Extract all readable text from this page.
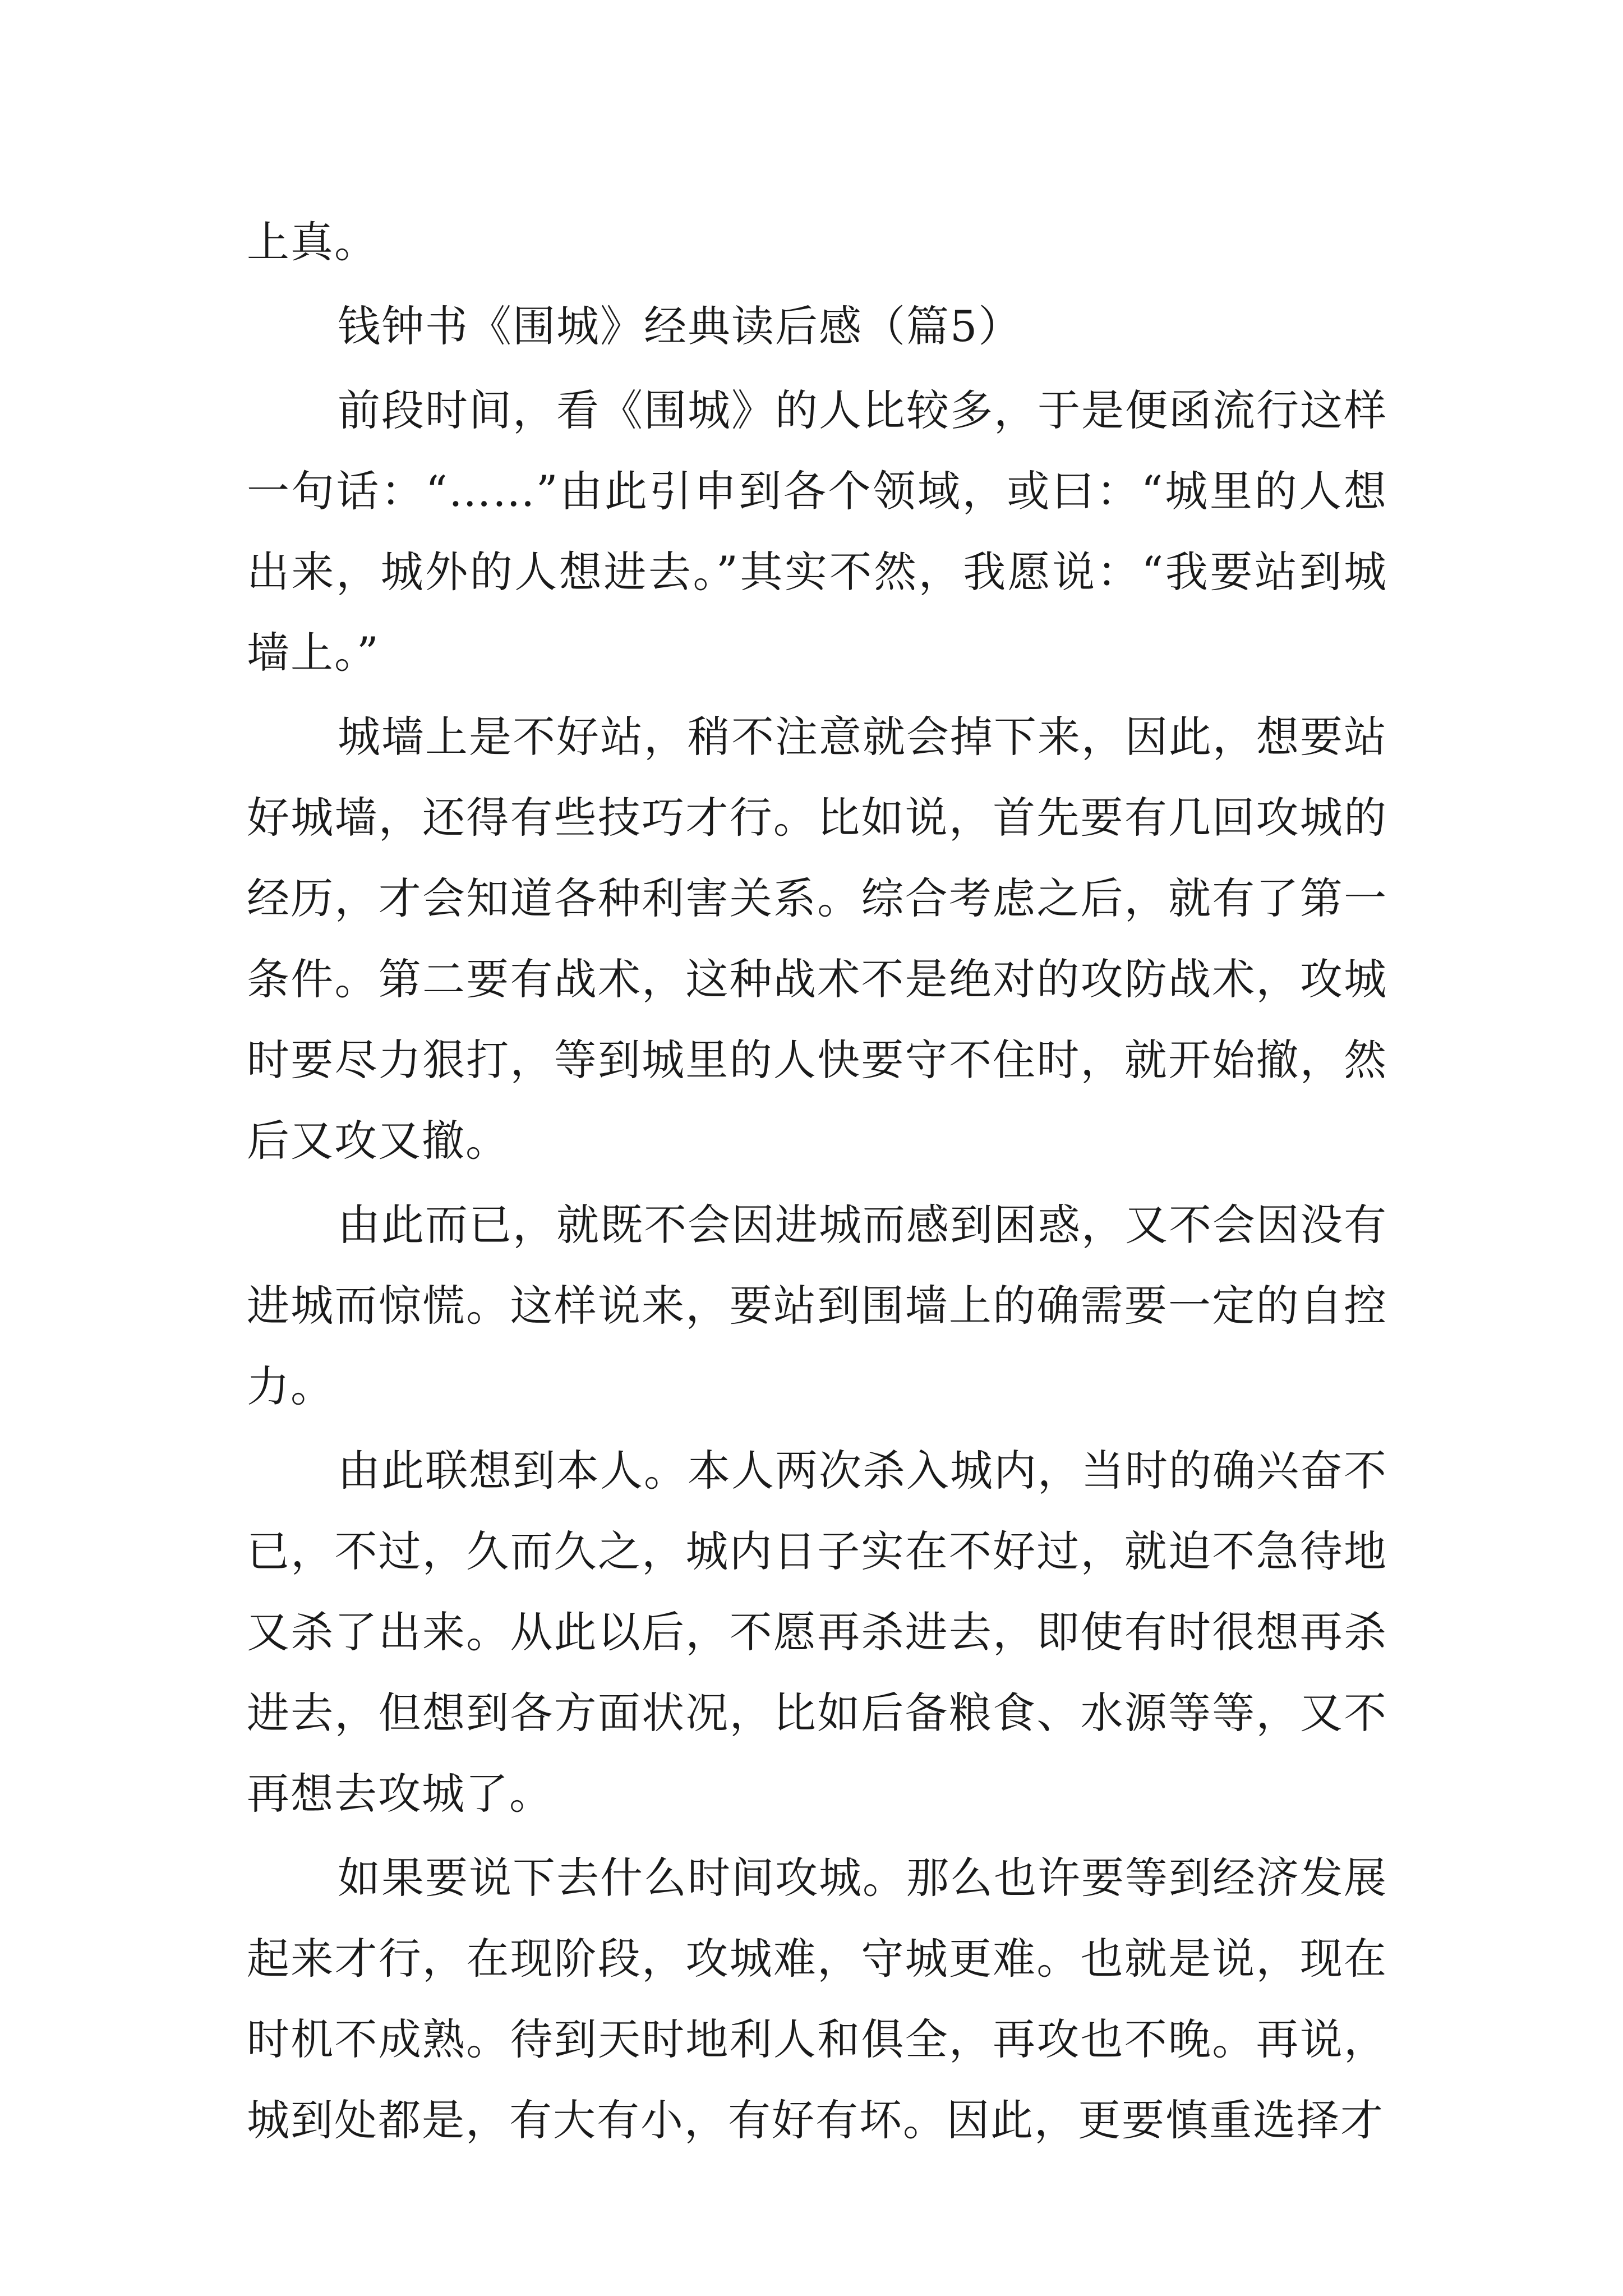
上真。

钱钟书《围城》经典读后感（篇5）

前段时间，看《围城》的人比较多，于是便函流行这样一句话：“……”由此引申到各个领域，或曰：“城里的人想出来，城外的人想进去。”其实不然，我愿说：“我要站到城墙上。”

城墙上是不好站，稍不注意就会掉下来，因此，想要站好城墙，还得有些技巧才行。比如说，首先要有几回攻城的经历，才会知道各种利害关系。综合考虑之后，就有了第一条件。第二要有战术，这种战术不是绝对的攻防战术，攻城时要尽力狠打，等到城里的人快要守不住时，就开始撤，然后又攻又撤。

由此而已，就既不会因进城而感到困惑，又不会因没有进城而惊慌。这样说来，要站到围墙上的确需要一定的自控力。

由此联想到本人。本人两次杀入城内，当时的确兴奋不已，不过，久而久之，城内日子实在不好过，就迫不急待地又杀了出来。从此以后，不愿再杀进去，即使有时很想再杀进去，但想到各方面状况，比如后备粮食、水源等等，又不再想去攻城了。

如果要说下去什么时间攻城。那么也许要等到经济发展起来才行，在现阶段，攻城难，守城更难。也就是说，现在时机不成熟。待到天时地利人和俱全，再攻也不晚。再说，城到处都是，有大有小，有好有坏。因此，更要慎重选择才
